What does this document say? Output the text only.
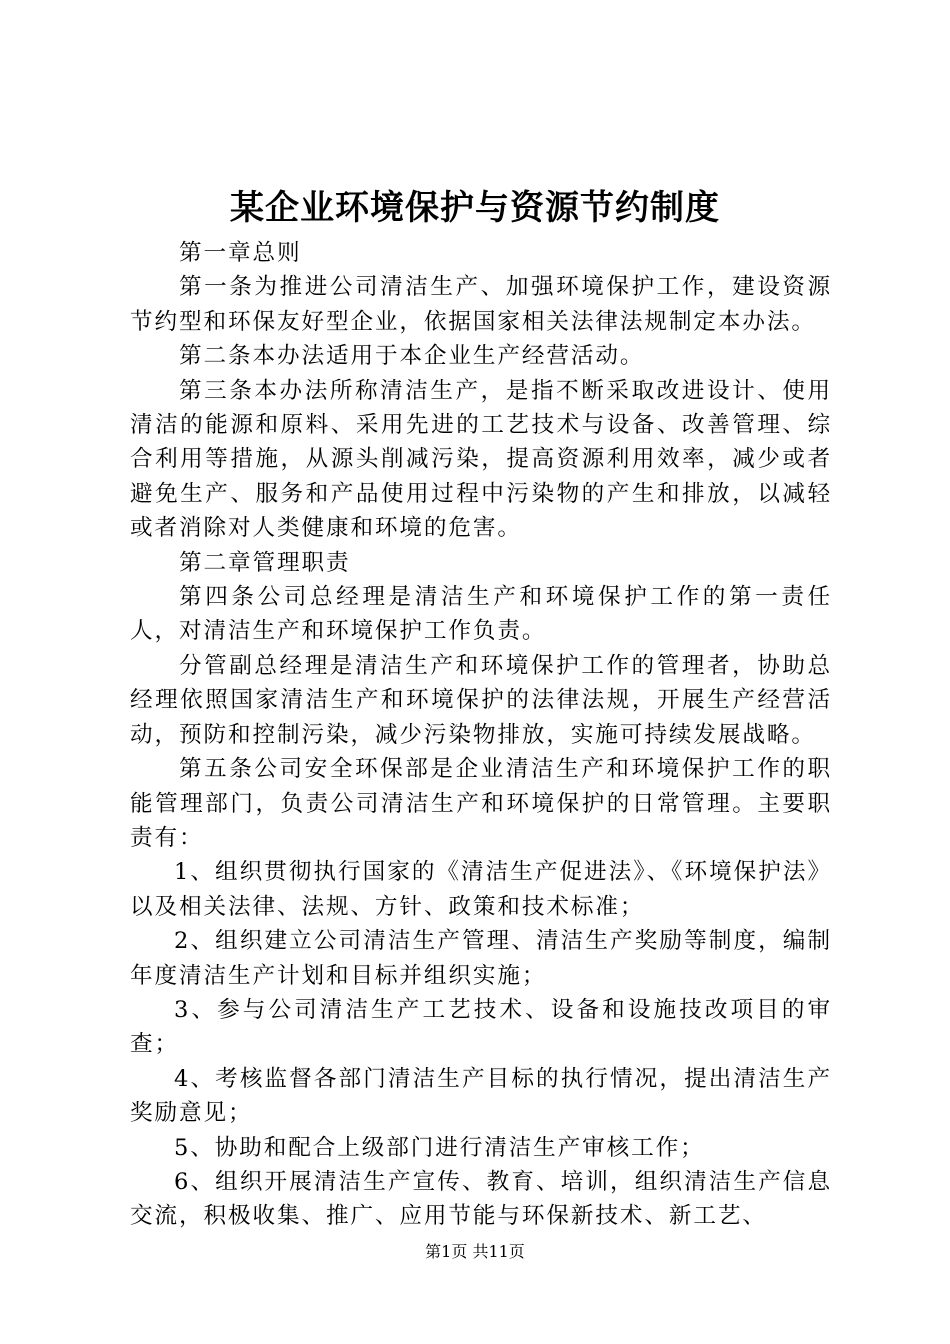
某企业环境保护与资源节约制度

第一章总则

第一条为推进公司清洁生产、加强环境保护工作，建设资源节约型和环保友好型企业，依据国家相关法律法规制定本办法。

第二条本办法适用于本企业生产经营活动。

第三条本办法所称清洁生产，是指不断采取改进设计、使用清洁的能源和原料、采用先进的工艺技术与设备、改善管理、综合利用等措施，从源头削减污染，提高资源利用效率，减少或者避免生产、服务和产品使用过程中污染物的产生和排放，以减轻或者消除对人类健康和环境的危害。

第二章管理职责

第四条公司总经理是清洁生产和环境保护工作的第一责任人，对清洁生产和环境保护工作负责。

分管副总经理是清洁生产和环境保护工作的管理者，协助总经理依照国家清洁生产和环境保护的法律法规，开展生产经营活动，预防和控制污染，减少污染物排放，实施可持续发展战略。

第五条公司安全环保部是企业清洁生产和环境保护工作的职能管理部门，负责公司清洁生产和环境保护的日常管理。主要职责有：

1、组织贯彻执行国家的《清洁生产促进法》、《环境保护法》以及相关法律、法规、方针、政策和技术标准；

2、组织建立公司清洁生产管理、清洁生产奖励等制度，编制年度清洁生产计划和目标并组织实施；

3、参与公司清洁生产工艺技术、设备和设施技改项目的审查；

4、考核监督各部门清洁生产目标的执行情况，提出清洁生产奖励意见；

5、协助和配合上级部门进行清洁生产审核工作；

6、组织开展清洁生产宣传、教育、培训，组织清洁生产信息交流，积极收集、推广、应用节能与环保新技术、新工艺、

第1页 共11页
